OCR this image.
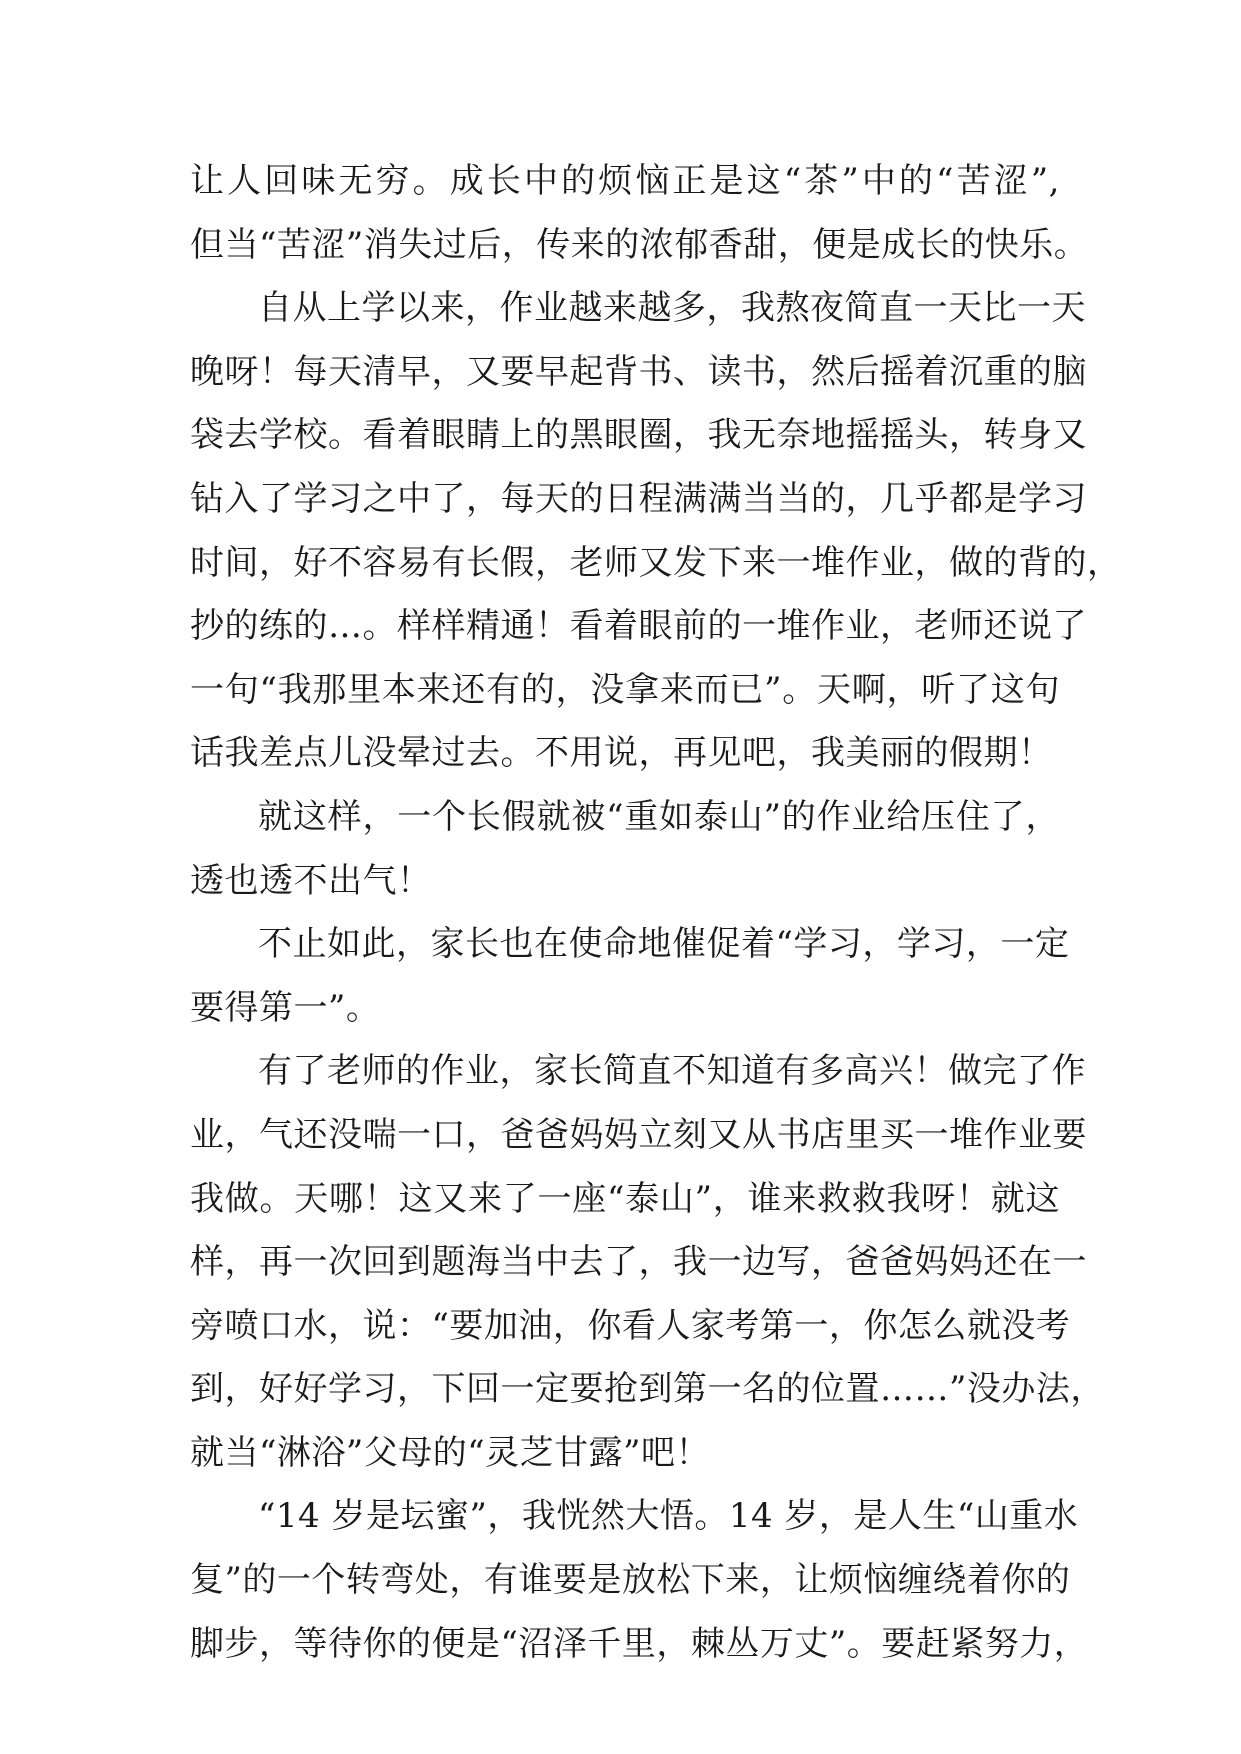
让人回味无穷。成长中的烦恼正是这“茶”中的“苦涩”,
但当“苦涩”消失过后，传来的浓郁香甜，便是成长的快乐。
自从上学以来，作业越来越多，我熬夜简直一天比一天
晚呀！每天清早，又要早起背书、读书，然后摇着沉重的脑
袋去学校。看着眼睛上的黑眼圈，我无奈地摇摇头，转身又
钻入了学习之中了，每天的日程满满当当的，几乎都是学习
时间，好不容易有长假，老师又发下来一堆作业，做的背的，
抄的练的…。样样精通！看着眼前的一堆作业，老师还说了
一句“我那里本来还有的，没拿来而已”。天啊，听了这句
话我差点儿没晕过去。不用说，再见吧，我美丽的假期！
就这样，一个长假就被“重如泰山”的作业给压住了，
透也透不出气！
不止如此，家长也在使命地催促着“学习，学习，一定
要得第一”。
有了老师的作业，家长简直不知道有多高兴！做完了作
业，气还没喘一口，爸爸妈妈立刻又从书店里买一堆作业要
我做。天哪！这又来了一座“泰山”，谁来救救我呀！就这
样，再一次回到题海当中去了，我一边写，爸爸妈妈还在一
旁喷口水，说：“要加油，你看人家考第一，你怎么就没考
到，好好学习，下回一定要抢到第一名的位置……”没办法，
就当“淋浴”父母的“灵芝甘露”吧！
“14 岁是坛蜜”，我恍然大悟。14 岁，是人生“山重水
复”的一个转弯处，有谁要是放松下来，让烦恼缠绕着你的
脚步，等待你的便是“沼泽千里，棘丛万丈”。要赶紧努力，
